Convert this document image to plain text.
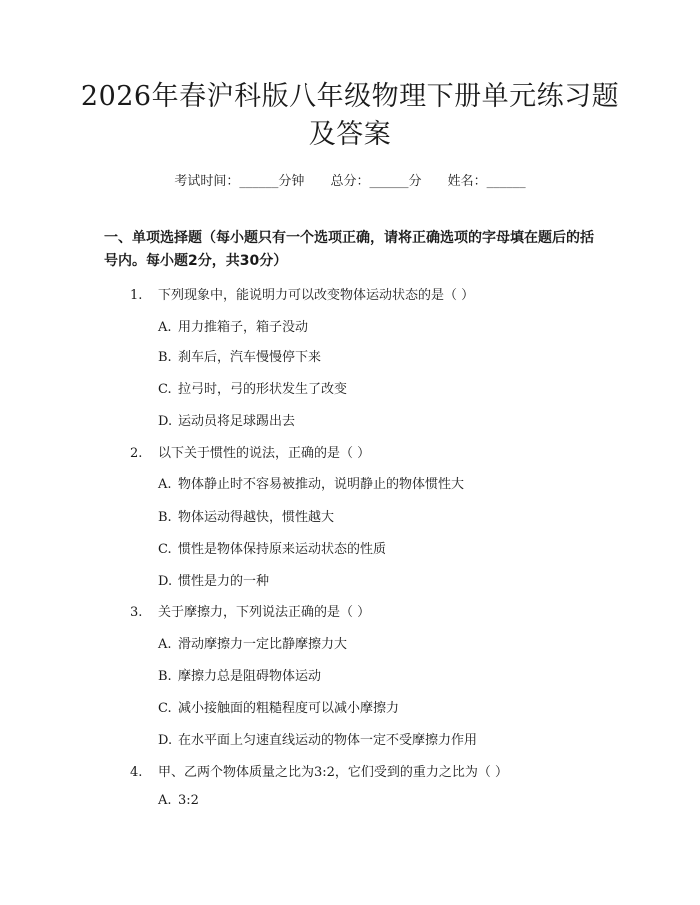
2026年春沪科版八年级物理下册单元练习题及答案
考试时间：______分钟 总分：______分 姓名：______
一、单项选择题（每小题只有一个选项正确，请将正确选项的字母填在题后的括号内。每小题2分，共30分）
1. 下列现象中，能说明力可以改变物体运动状态的是（ ）
A. 用力推箱子，箱子没动
B. 刹车后，汽车慢慢停下来
C. 拉弓时，弓的形状发生了改变
D. 运动员将足球踢出去
2. 以下关于惯性的说法，正确的是（ ）
A. 物体静止时不容易被推动，说明静止的物体惯性大
B. 物体运动得越快，惯性越大
C. 惯性是物体保持原来运动状态的性质
D. 惯性是力的一种
3. 关于摩擦力，下列说法正确的是（ ）
A. 滑动摩擦力一定比静摩擦力大
B. 摩擦力总是阻碍物体运动
C. 减小接触面的粗糙程度可以减小摩擦力
D. 在水平面上匀速直线运动的物体一定不受摩擦力作用
4. 甲、乙两个物体质量之比为3:2，它们受到的重力之比为（ ）
A. 3:2
